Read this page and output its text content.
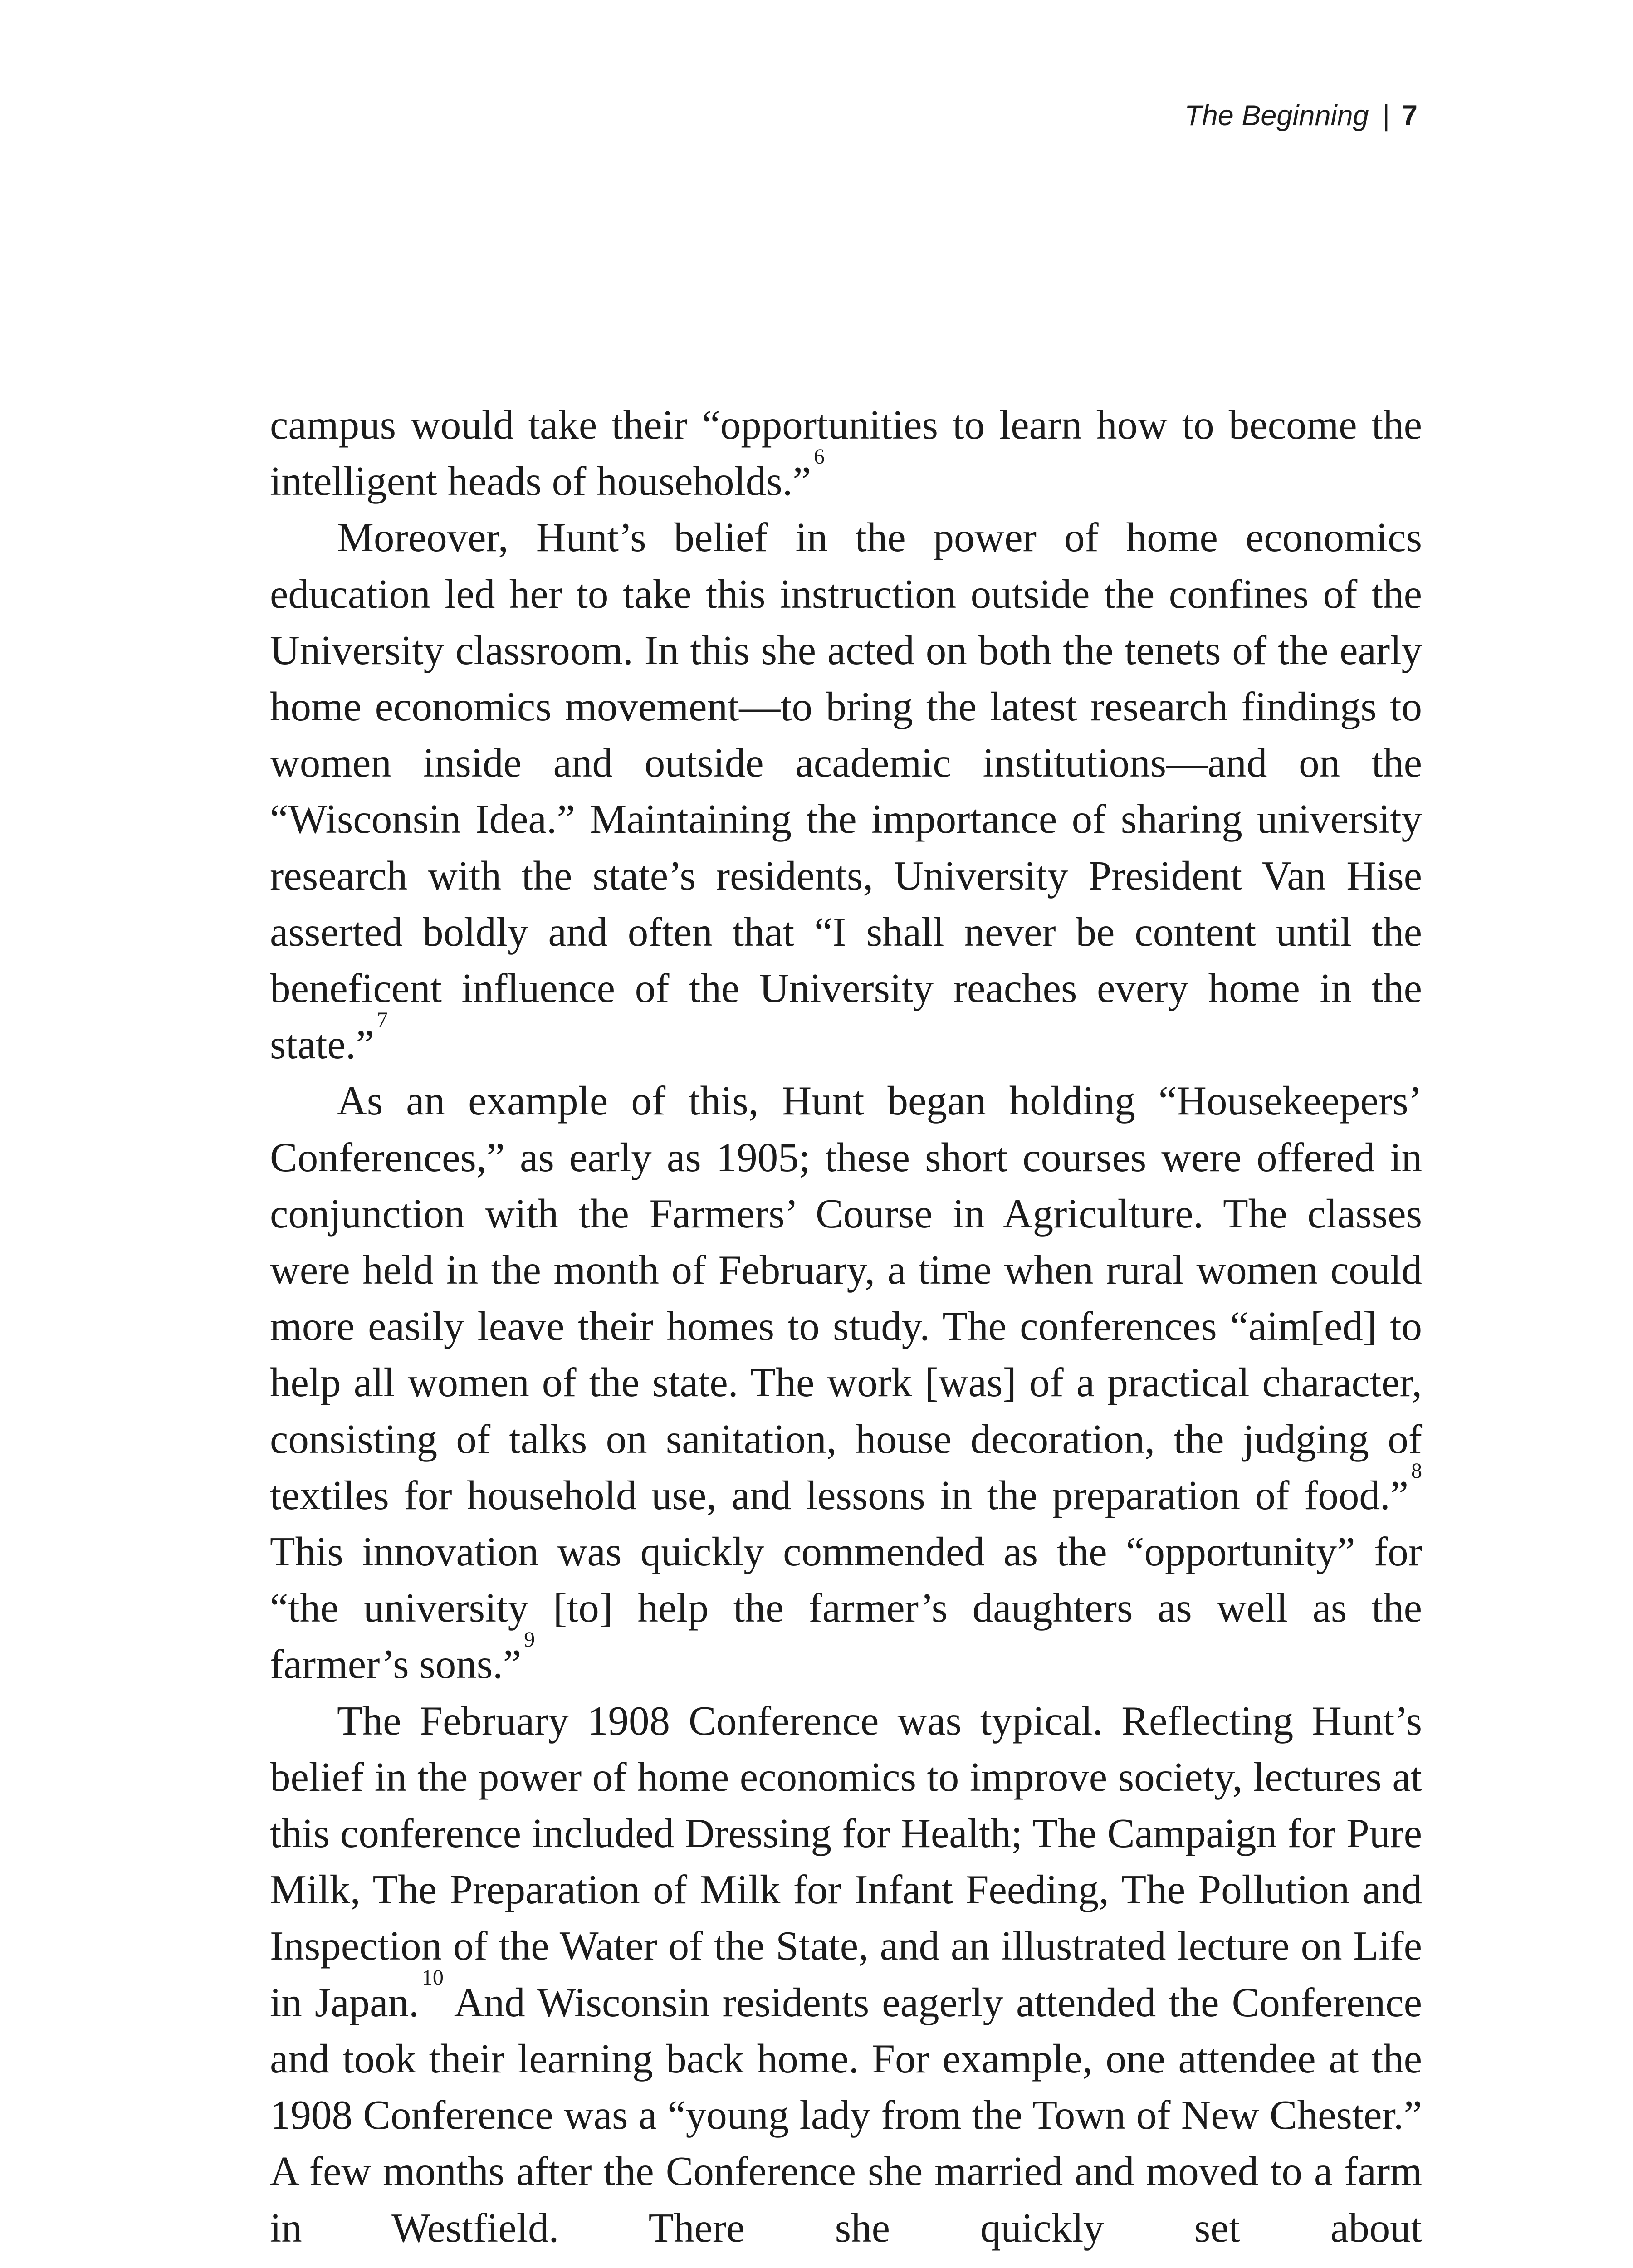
The Beginning | 7

campus would take their “opportunities to learn how to become the intelligent heads of households.”$^6$

Moreover, Hunt’s belief in the power of home economics education led her to take this instruction outside the confines of the University classroom. In this she acted on both the tenets of the early home economics movement—to bring the latest research findings to women inside and outside academic institutions—and on the “Wisconsin Idea.” Maintaining the importance of sharing university research with the state’s residents, University President Van Hise asserted boldly and often that “I shall never be content until the beneficent influence of the University reaches every home in the state.”$^7$

As an example of this, Hunt began holding “Housekeepers’ Conferences,” as early as 1905; these short courses were offered in conjunction with the Farmers’ Course in Agriculture. The classes were held in the month of February, a time when rural women could more easily leave their homes to study. The conferences “aim[ed] to help all women of the state. The work [was] of a practical character, consisting of talks on sanitation, house decoration, the judging of textiles for household use, and lessons in the preparation of food.”$^8$ This innovation was quickly commended as the “opportunity” for “the university [to] help the farmer’s daughters as well as the farmer’s sons.”$^9$

The February 1908 Conference was typical. Reflecting Hunt’s belief in the power of home economics to improve society, lectures at this conference included Dressing for Health; The Campaign for Pure Milk, The Preparation of Milk for Infant Feeding, The Pollution and Inspection of the Water of the State, and an illustrated lecture on Life in Japan.$^{10}$ And Wisconsin residents eagerly attended the Conference and took their learning back home. For example, one attendee at the 1908 Conference was a “young lady from the Town of New Chester.” A few months after the Conference she married and moved to a farm in Westfield. There she quickly set about
